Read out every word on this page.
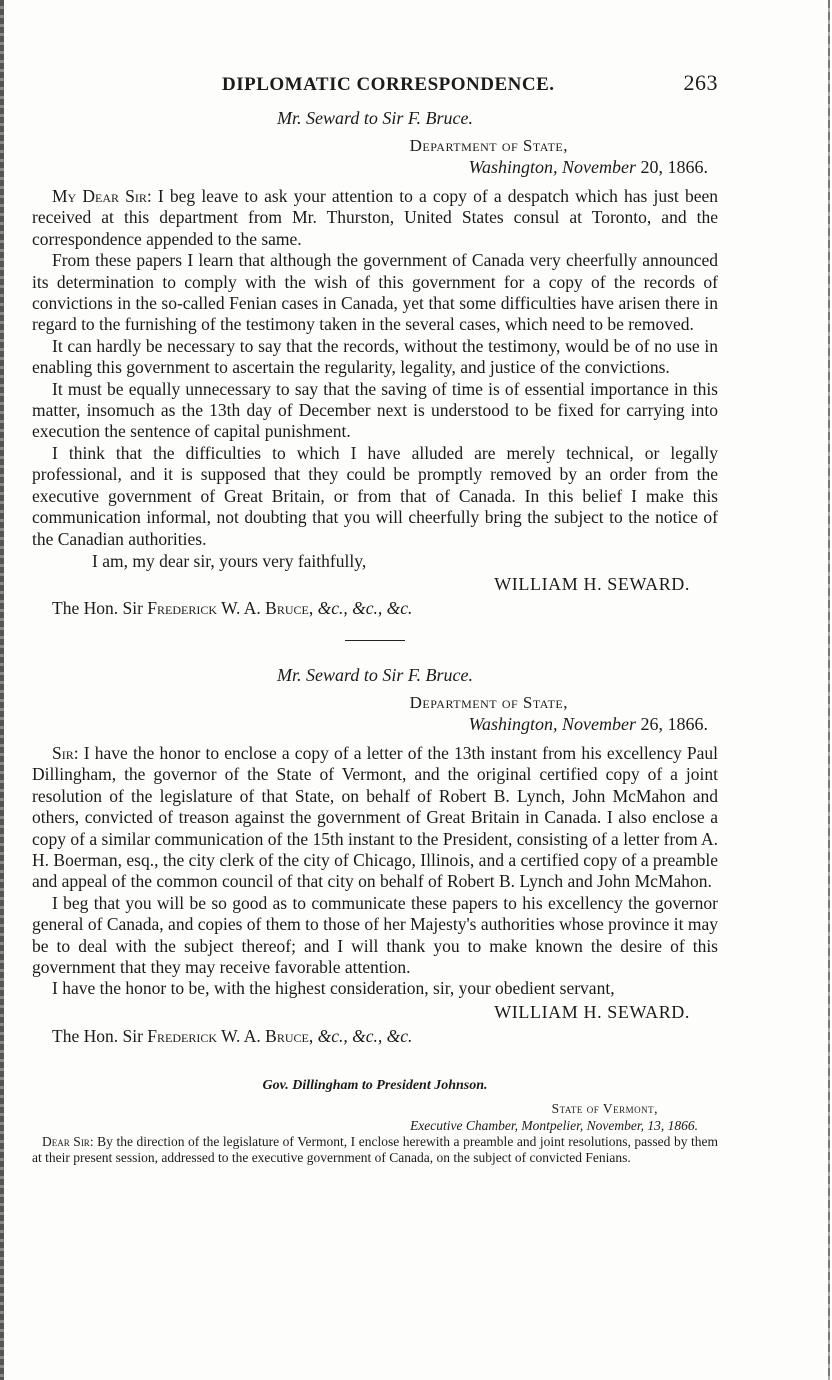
DIPLOMATIC CORRESPONDENCE.	263
Mr. Seward to Sir F. Bruce.
Department of State,
Washington, November 20, 1866.

My Dear Sir: I beg leave to ask your attention to a copy of a despatch which has just been received at this department from Mr. Thurston, United States consul at Toronto, and the correspondence appended to the same.

From these papers I learn that although the government of Canada very cheerfully announced its determination to comply with the wish of this government for a copy of the records of convictions in the so-called Fenian cases in Canada, yet that some difficulties have arisen there in regard to the furnishing of the testimony taken in the several cases, which need to be removed.

It can hardly be necessary to say that the records, without the testimony, would be of no use in enabling this government to ascertain the regularity, legality, and justice of the convictions.

It must be equally unnecessary to say that the saving of time is of essential importance in this matter, insomuch as the 13th day of December next is understood to be fixed for carrying into execution the sentence of capital punishment.

I think that the difficulties to which I have alluded are merely technical, or legally professional, and it is supposed that they could be promptly removed by an order from the executive government of Great Britain, or from that of Canada. In this belief I make this communication informal, not doubting that you will cheerfully bring the subject to the notice of the Canadian authorities.

I am, my dear sir, yours very faithfully,
WILLIAM H. SEWARD.
The Hon. Sir Frederick W. A. Bruce, &c., &c., &c.
Mr. Seward to Sir F. Bruce.
Department of State,
Washington, November 26, 1866.

Sir: I have the honor to enclose a copy of a letter of the 13th instant from his excellency Paul Dillingham, the governor of the State of Vermont, and the original certified copy of a joint resolution of the legislature of that State, on behalf of Robert B. Lynch, John McMahon and others, convicted of treason against the government of Great Britain in Canada. I also enclose a copy of a similar communication of the 15th instant to the President, consisting of a letter from A. H. Boerman, esq., the city clerk of the city of Chicago, Illinois, and a certified copy of a preamble and appeal of the common council of that city on behalf of Robert B. Lynch and John McMahon.

I beg that you will be so good as to communicate these papers to his excellency the governor general of Canada, and copies of them to those of her Majesty's authorities whose province it may be to deal with the subject thereof; and I will thank you to make known the desire of this government that they may receive favorable attention.

I have the honor to be, with the highest consideration, sir, your obedient servant,

WILLIAM H. SEWARD.
The Hon. Sir Frederick W. A. Bruce, &c., &c., &c.
Gov. Dillingham to President Johnson.
State of Vermont,
Executive Chamber, Montpelier, November, 13, 1866.

Dear Sir: By the direction of the legislature of Vermont, I enclose herewith a preamble and joint resolutions, passed by them at their present session, addressed to the executive government of Canada, on the subject of convicted Fenians.
